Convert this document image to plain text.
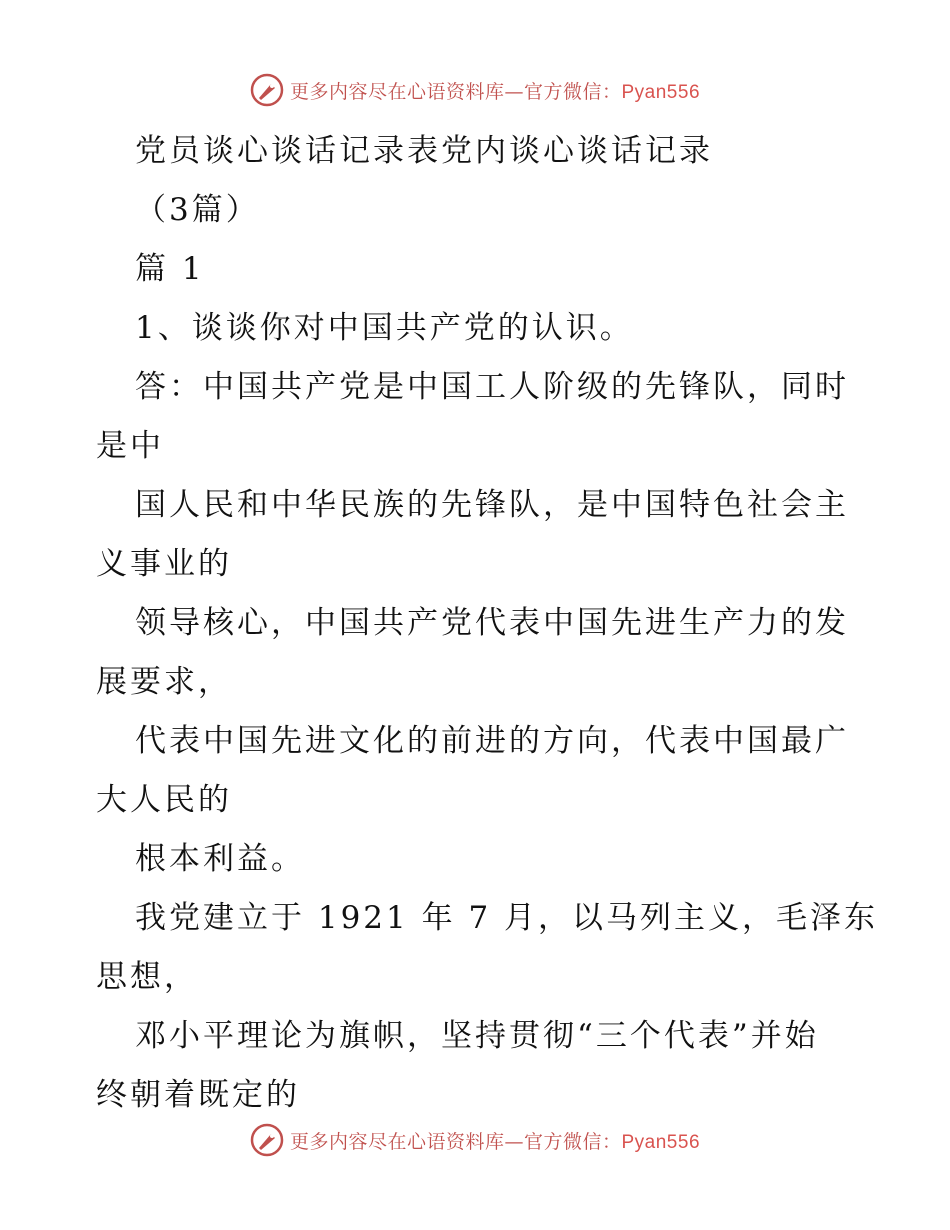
更多内容尽在心语资料库—官方微信：Pyan556
党员谈心谈话记录表党内谈心谈话记录
（3篇）
篇 1
1、谈谈你对中国共产党的认识。
答：中国共产党是中国工人阶级的先锋队，同时
是中
国人民和中华民族的先锋队，是中国特色社会主
义事业的
领导核心，中国共产党代表中国先进生产力的发
展要求，
代表中国先进文化的前进的方向，代表中国最广
大人民的
根本利益。
我党建立于 1921 年 7 月，以马列主义，毛泽东
思想，
邓小平理论为旗帜，坚持贯彻“三个代表”并始
终朝着既定的
更多内容尽在心语资料库—官方微信：Pyan556
